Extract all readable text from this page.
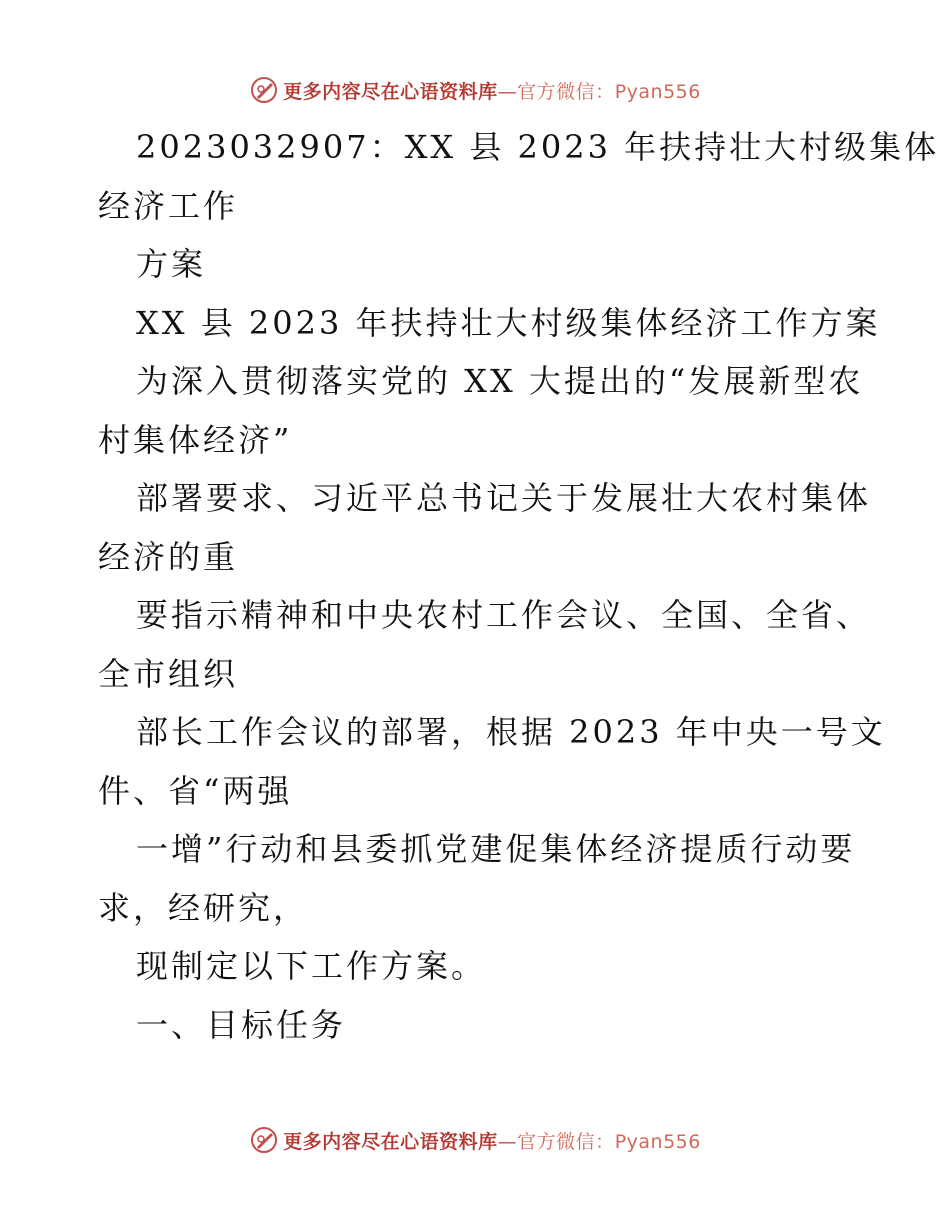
更多内容尽在心语资料库—官方微信：Pyan556
2023032907：XX 县 2023 年扶持壮大村级集体
经济工作
方案
XX 县 2023 年扶持壮大村级集体经济工作方案
为深入贯彻落实党的 XX 大提出的“发展新型农
村集体经济”
部署要求、习近平总书记关于发展壮大农村集体
经济的重
要指示精神和中央农村工作会议、全国、全省、
全市组织
部长工作会议的部署，根据 2023 年中央一号文
件、省“两强
一增”行动和县委抓党建促集体经济提质行动要
求，经研究，
现制定以下工作方案。
一、目标任务
更多内容尽在心语资料库—官方微信：Pyan556
